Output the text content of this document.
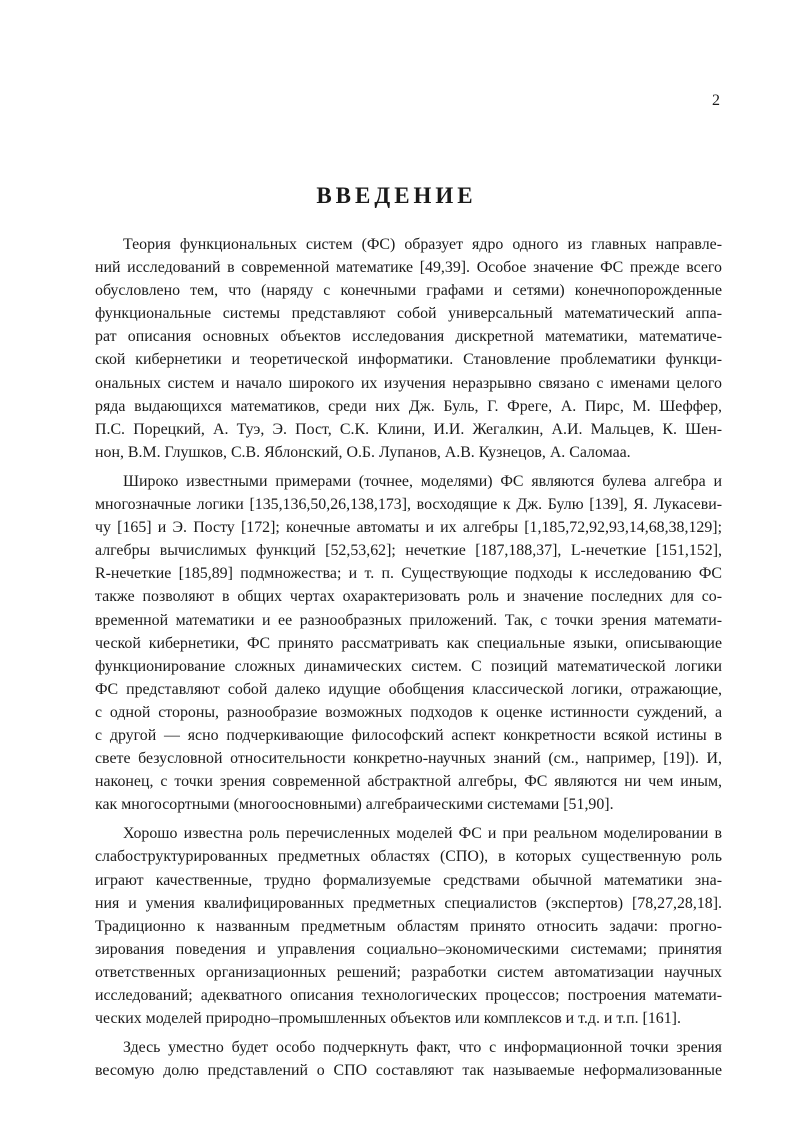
2
ВВЕДЕНИЕ

Теория функциональных систем (ФС) образует ядро одного из главных направле-
ний исследований в современной математике [49,39]. Особое значение ФС прежде всего
обусловлено тем, что (наряду с конечными графами и сетями) конечнопорожденные
функциональные системы представляют собой универсальный математический аппа-
рат описания основных объектов исследования дискретной математики, математиче-
ской кибернетики и теоретической информатики. Становление проблематики функци-
ональных систем и начало широкого их изучения неразрывно связано с именами целого
ряда выдающихся математиков, среди них Дж. Буль, Г. Фреге, А. Пирс, М. Шеффер,
П.С. Порецкий, А. Туэ, Э. Пост, С.К. Клини, И.И. Жегалкин, А.И. Мальцев, К. Шен-
нон, В.М. Глушков, С.В. Яблонский, О.Б. Лупанов, А.В. Кузнецов, А. Саломаа.

Широко известными примерами (точнее, моделями) ФС являются булева алгебра и
многозначные логики [135,136,50,26,138,173], восходящие к Дж. Булю [139], Я. Лукасеви-
чу [165] и Э. Посту [172]; конечные автоматы и их алгебры [1,185,72,92,93,14,68,38,129];
алгебры вычислимых функций [52,53,62]; нечеткие [187,188,37], L-нечеткие [151,152],
R-нечеткие [185,89] подмножества; и т. п. Существующие подходы к исследованию ФС
также позволяют в общих чертах охарактеризовать роль и значение последних для со-
временной математики и ее разнообразных приложений. Так, с точки зрения математи-
ческой кибернетики, ФС принято рассматривать как специальные языки, описывающие
функционирование сложных динамических систем. С позиций математической логики
ФС представляют собой далеко идущие обобщения классической логики, отражающие,
с одной стороны, разнообразие возможных подходов к оценке истинности суждений, а
с другой — ясно подчеркивающие философский аспект конкретности всякой истины в
свете безусловной относительности конкретно-научных знаний (см., например, [19]). И,
наконец, с точки зрения современной абстрактной алгебры, ФС являются ни чем иным,
как многосортными (многоосновными) алгебраическими системами [51,90].

Хорошо известна роль перечисленных моделей ФС и при реальном моделировании в
слабоструктурированных предметных областях (СПО), в которых существенную роль
играют качественные, трудно формализуемые средствами обычной математики зна-
ния и умения квалифицированных предметных специалистов (экспертов) [78,27,28,18].
Традиционно к названным предметным областям принято относить задачи: прогно-
зирования поведения и управления социально–экономическими системами; принятия
ответственных организационных решений; разработки систем автоматизации научных
исследований; адекватного описания технологических процессов; построения математи-
ческих моделей природно–промышленных объектов или комплексов и т.д. и т.п. [161].

Здесь уместно будет особо подчеркнуть факт, что с информационной точки зрения
весомую долю представлений о СПО составляют так называемые неформализованные
